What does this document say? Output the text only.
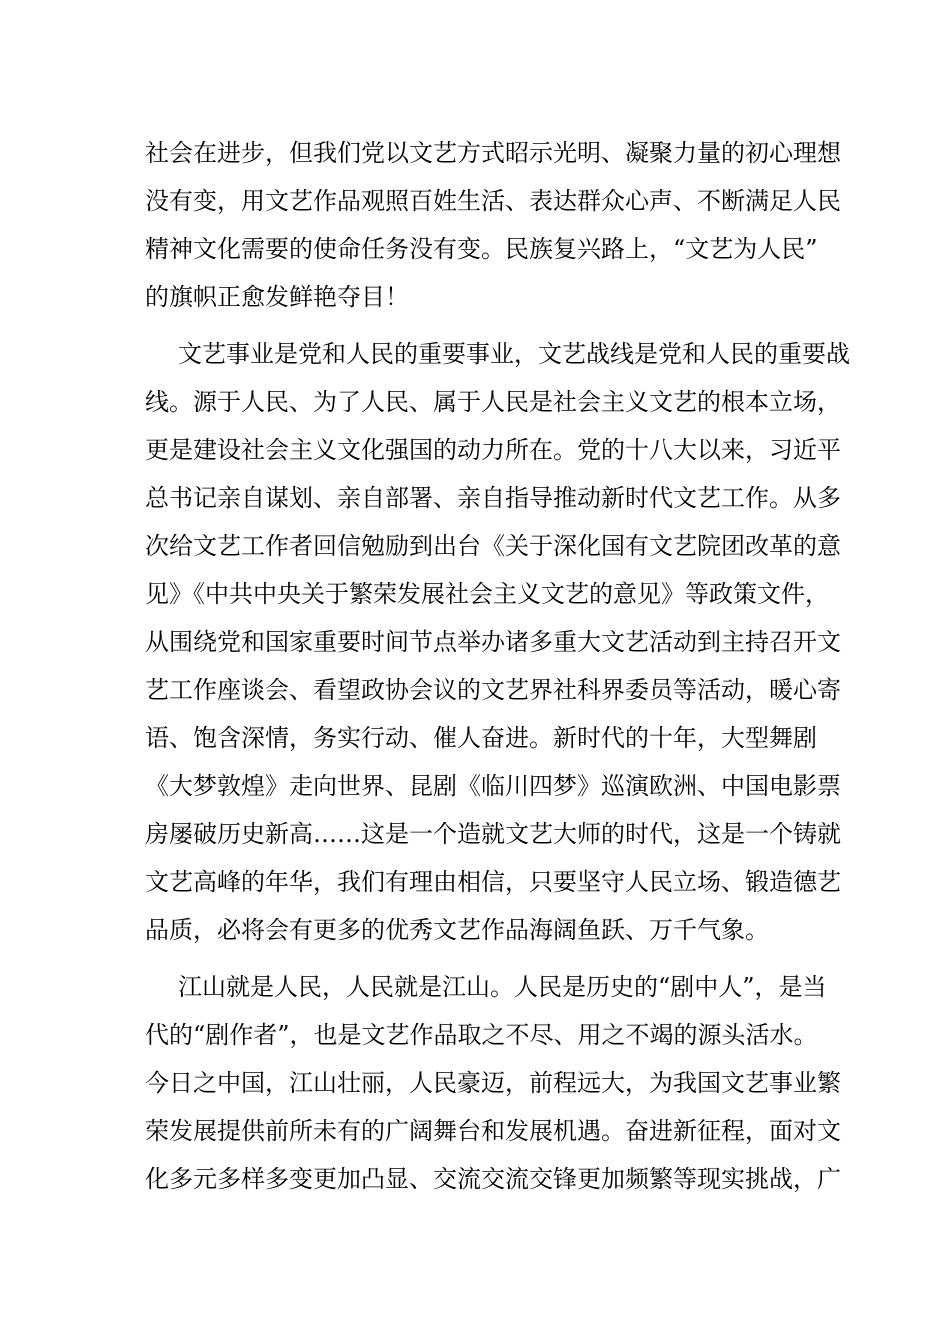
社会在进步，但我们党以文艺方式昭示光明、凝聚力量的初心理想
没有变，用文艺作品观照百姓生活、表达群众心声、不断满足人民
精神文化需要的使命任务没有变。民族复兴路上，“文艺为人民”
的旗帜正愈发鲜艳夺目！
文艺事业是党和人民的重要事业，文艺战线是党和人民的重要战
线。源于人民、为了人民、属于人民是社会主义文艺的根本立场，
更是建设社会主义文化强国的动力所在。党的十八大以来，习近平
总书记亲自谋划、亲自部署、亲自指导推动新时代文艺工作。从多
次给文艺工作者回信勉励到出台《关于深化国有文艺院团改革的意
见》《中共中央关于繁荣发展社会主义文艺的意见》等政策文件，
从围绕党和国家重要时间节点举办诸多重大文艺活动到主持召开文
艺工作座谈会、看望政协会议的文艺界社科界委员等活动，暖心寄
语、饱含深情，务实行动、催人奋进。新时代的十年，大型舞剧
《大梦敦煌》走向世界、昆剧《临川四梦》巡演欧洲、中国电影票
房屡破历史新高……这是一个造就文艺大师的时代，这是一个铸就
文艺高峰的年华，我们有理由相信，只要坚守人民立场、锻造德艺
品质，必将会有更多的优秀文艺作品海阔鱼跃、万千气象。
江山就是人民，人民就是江山。人民是历史的“剧中人”，是当
代的“剧作者”，也是文艺作品取之不尽、用之不竭的源头活水。
今日之中国，江山壮丽，人民豪迈，前程远大，为我国文艺事业繁
荣发展提供前所未有的广阔舞台和发展机遇。奋进新征程，面对文
化多元多样多变更加凸显、交流交流交锋更加频繁等现实挑战，广
